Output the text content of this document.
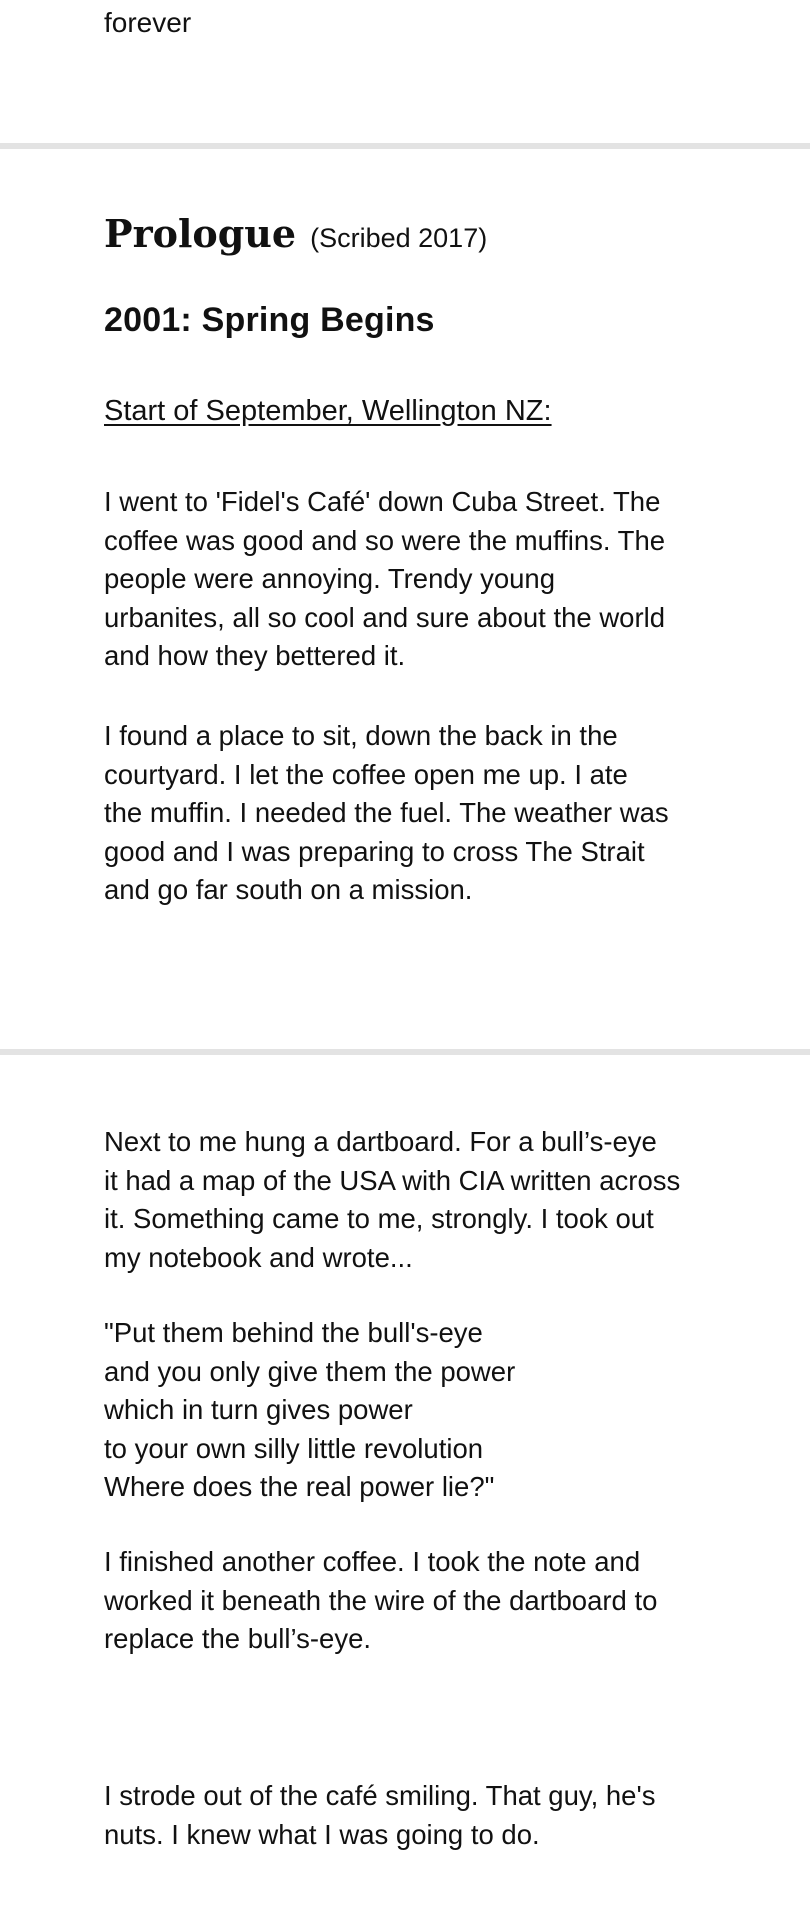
forever
Prologue (Scribed 2017)
2001: Spring Begins
Start of September, Wellington NZ:

I went to 'Fidel's Café' down Cuba Street. The
coffee was good and so were the muffins. The
people were annoying. Trendy young
urbanites, all so cool and sure about the world
and how they bettered it.

I found a place to sit, down the back in the
courtyard. I let the coffee open me up. I ate
the muffin. I needed the fuel. The weather was
good and I was preparing to cross The Strait
and go far south on a mission.

Next to me hung a dartboard. For a bull’s-eye
it had a map of the USA with CIA written across
it. Something came to me, strongly. I took out
my notebook and wrote...

"Put them behind the bull's-eye
and you only give them the power
which in turn gives power
to your own silly little revolution
Where does the real power lie?"

I finished another coffee. I took the note and
worked it beneath the wire of the dartboard to
replace the bull’s-eye.

I strode out of the café smiling. That guy, he's
nuts. I knew what I was going to do.
